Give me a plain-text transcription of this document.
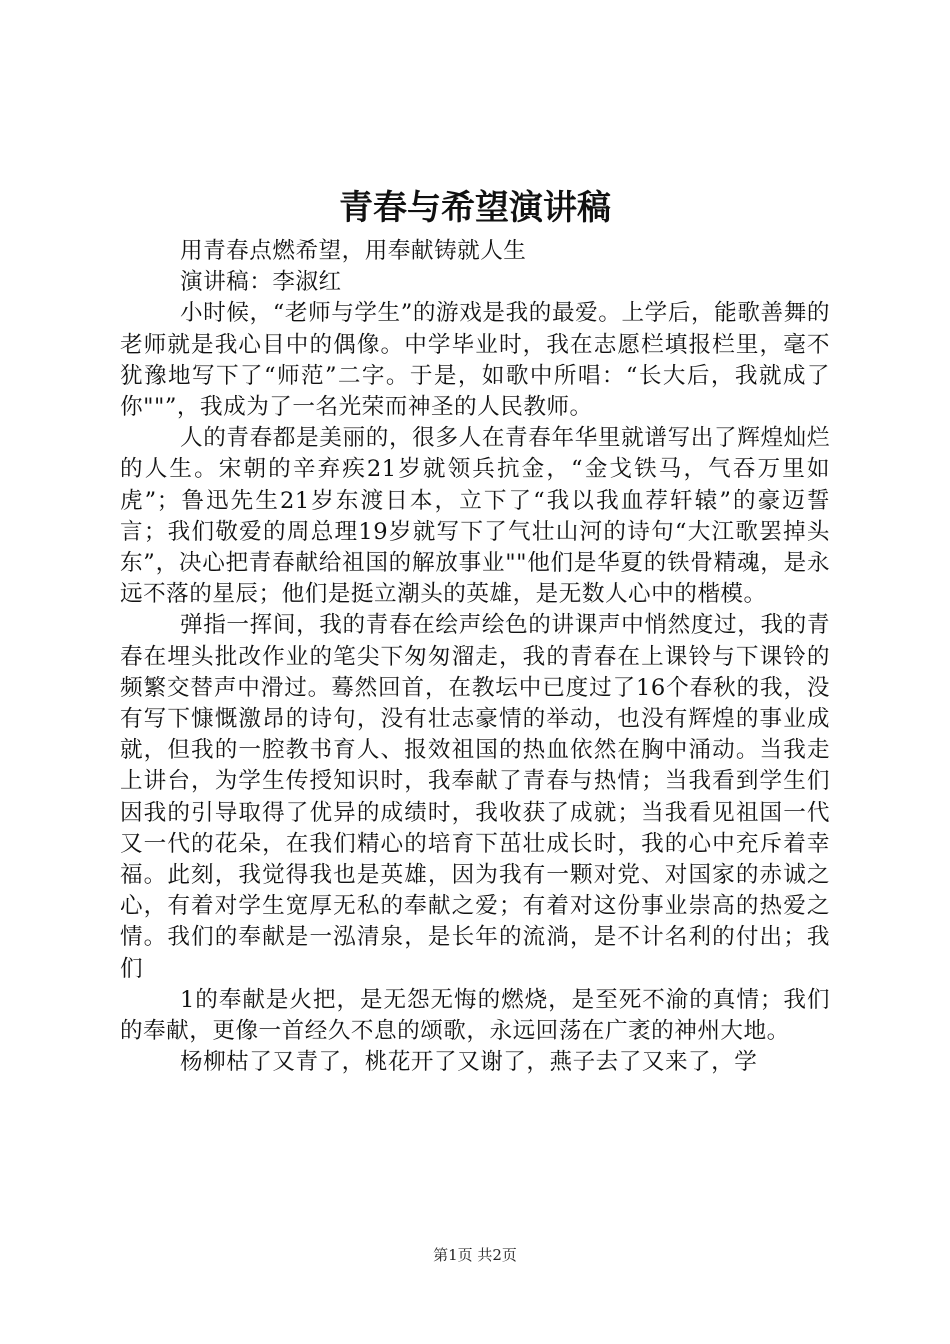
青春与希望演讲稿

用青春点燃希望，用奉献铸就人生

演讲稿：李淑红

小时候，“老师与学生”的游戏是我的最爱。上学后，能歌善舞的老师就是我心目中的偶像。中学毕业时，我在志愿栏填报栏里，毫不犹豫地写下了“师范”二字。于是，如歌中所唱：“长大后，我就成了你""”，我成为了一名光荣而神圣的人民教师。

人的青春都是美丽的，很多人在青春年华里就谱写出了辉煌灿烂的人生。宋朝的辛弃疾21岁就领兵抗金，“金戈铁马，气吞万里如虎”；鲁迅先生21岁东渡日本，立下了“我以我血荐轩辕”的豪迈誓言；我们敬爱的周总理19岁就写下了气壮山河的诗句“大江歌罢掉头东”，决心把青春献给祖国的解放事业""他们是华夏的铁骨精魂，是永远不落的星辰；他们是挺立潮头的英雄，是无数人心中的楷模。

弹指一挥间，我的青春在绘声绘色的讲课声中悄然度过，我的青春在埋头批改作业的笔尖下匆匆溜走，我的青春在上课铃与下课铃的频繁交替声中滑过。蓦然回首，在教坛中已度过了16个春秋的我，没有写下慷慨激昂的诗句，没有壮志豪情的举动，也没有辉煌的事业成就，但我的一腔教书育人、报效祖国的热血依然在胸中涌动。当我走上讲台，为学生传授知识时，我奉献了青春与热情；当我看到学生们因我的引导取得了优异的成绩时，我收获了成就；当我看见祖国一代又一代的花朵，在我们精心的培育下茁壮成长时，我的心中充斥着幸福。此刻，我觉得我也是英雄，因为我有一颗对党、对国家的赤诚之心，有着对学生宽厚无私的奉献之爱；有着对这份事业崇高的热爱之情。我们的奉献是一泓清泉，是长年的流淌，是不计名利的付出；我们

1的奉献是火把，是无怨无悔的燃烧，是至死不渝的真情；我们的奉献，更像一首经久不息的颂歌，永远回荡在广袤的神州大地。

杨柳枯了又青了，桃花开了又谢了，燕子去了又来了，学

第1页 共2页
